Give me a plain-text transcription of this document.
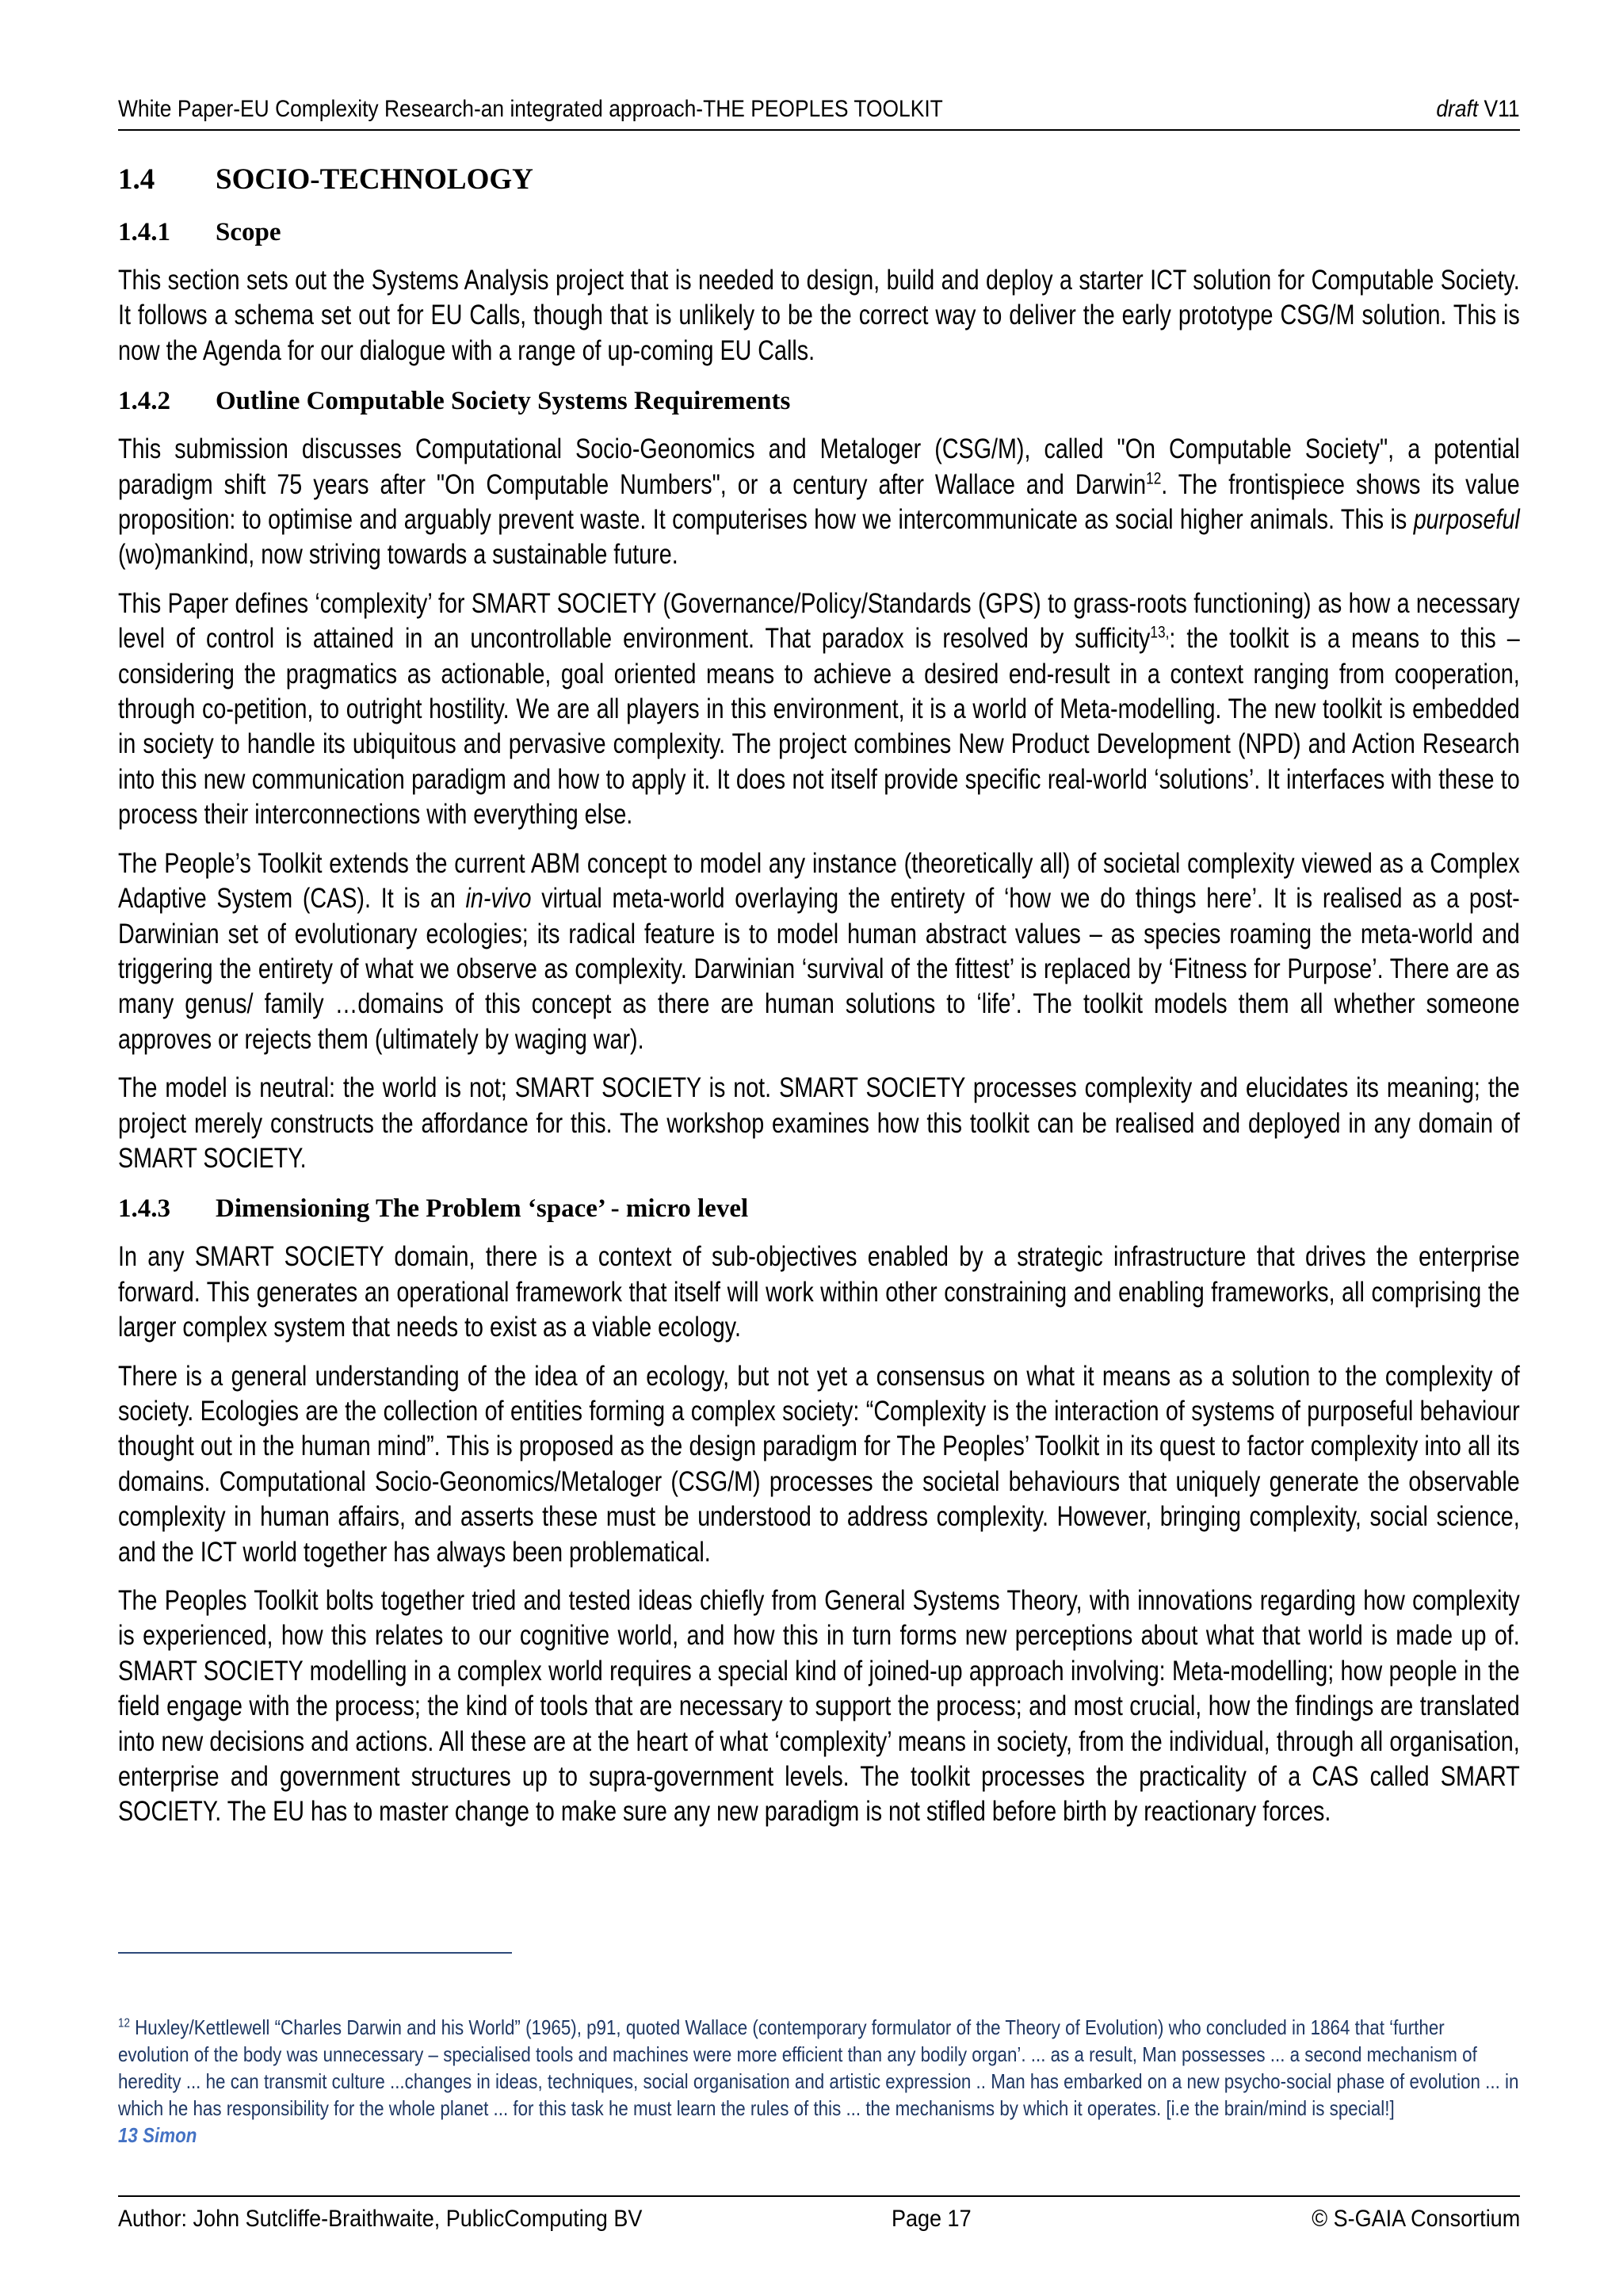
White Paper-EU Complexity Research-an integrated approach-THE PEOPLES TOOLKIT	draft V11
1.4 SOCIO-TECHNOLOGY
1.4.1 Scope
This section sets out the Systems Analysis project that is needed to design, build and deploy a starter ICT solution for Computable Society. It follows a schema set out for EU Calls, though that is unlikely to be the correct way to deliver the early prototype CSG/M solution. This is now the Agenda for our dialogue with a range of up-coming EU Calls.
1.4.2 Outline Computable Society Systems Requirements
This submission discusses Computational Socio-Geonomics and Metaloger (CSG/M), called "On Computable Society", a potential paradigm shift 75 years after "On Computable Numbers", or a century after Wallace and Darwin$^{12}$. The frontispiece shows its value proposition: to optimise and arguably prevent waste. It computerises how we intercommunicate as social higher animals. This is purposeful (wo)mankind, now striving towards a sustainable future.
This Paper defines ‘complexity’ for SMART SOCIETY (Governance/Policy/Standards (GPS) to grass-roots functioning) as how a necessary level of control is attained in an uncontrollable environment. That paradox is resolved by sufficity$^{13,}$: the toolkit is a means to this – considering the pragmatics as actionable, goal oriented means to achieve a desired end-result in a context ranging from cooperation, through co-petition, to outright hostility. We are all players in this environment, it is a world of Meta-modelling. The new toolkit is embedded in society to handle its ubiquitous and pervasive complexity. The project combines New Product Development (NPD) and Action Research into this new communication paradigm and how to apply it. It does not itself provide specific real-world ‘solutions’. It interfaces with these to process their interconnections with everything else.
The People’s Toolkit extends the current ABM concept to model any instance (theoretically all) of societal complexity viewed as a Complex Adaptive System (CAS). It is an in-vivo virtual meta-world overlaying the entirety of ‘how we do things here’. It is realised as a post-Darwinian set of evolutionary ecologies; its radical feature is to model human abstract values – as species roaming the meta-world and triggering the entirety of what we observe as complexity. Darwinian ‘survival of the fittest’ is replaced by ‘Fitness for Purpose’. There are as many genus/ family …domains of this concept as there are human solutions to ‘life’. The toolkit models them all whether someone approves or rejects them (ultimately by waging war).
The model is neutral: the world is not; SMART SOCIETY is not. SMART SOCIETY processes complexity and elucidates its meaning; the project merely constructs the affordance for this. The workshop examines how this toolkit can be realised and deployed in any domain of SMART SOCIETY.
1.4.3 Dimensioning The Problem ‘space’ - micro level
In any SMART SOCIETY domain, there is a context of sub-objectives enabled by a strategic infrastructure that drives the enterprise forward. This generates an operational framework that itself will work within other constraining and enabling frameworks, all comprising the larger complex system that needs to exist as a viable ecology.
There is a general understanding of the idea of an ecology, but not yet a consensus on what it means as a solution to the complexity of society. Ecologies are the collection of entities forming a complex society: “Complexity is the interaction of systems of purposeful behaviour thought out in the human mind”. This is proposed as the design paradigm for The Peoples’ Toolkit in its quest to factor complexity into all its domains. Computational Socio-Geonomics/Metaloger (CSG/M) processes the societal behaviours that uniquely generate the observable complexity in human affairs, and asserts these must be understood to address complexity. However, bringing complexity, social science, and the ICT world together has always been problematical.
The Peoples Toolkit bolts together tried and tested ideas chiefly from General Systems Theory, with innovations regarding how complexity is experienced, how this relates to our cognitive world, and how this in turn forms new perceptions about what that world is made up of. SMART SOCIETY modelling in a complex world requires a special kind of joined-up approach involving: Meta-modelling; how people in the field engage with the process; the kind of tools that are necessary to support the process; and most crucial, how the findings are translated into new decisions and actions. All these are at the heart of what ‘complexity’ means in society, from the individual, through all organisation, enterprise and government structures up to supra-government levels. The toolkit processes the practicality of a CAS called SMART SOCIETY. The EU has to master change to make sure any new paradigm is not stifled before birth by reactionary forces.
$^{12}$ Huxley/Kettlewell “Charles Darwin and his World” (1965), p91, quoted Wallace (contemporary formulator of the Theory of Evolution) who concluded in 1864 that ‘further evolution of the body was unnecessary – specialised tools and machines were more efficient than any bodily organ’. ... as a result, Man possesses ... a second mechanism of heredity ... he can transmit culture ...changes in ideas, techniques, social organisation and artistic expression .. Man has embarked on a new psycho-social phase of evolution ... in which he has responsibility for the whole planet ... for this task he must learn the rules of this ... the mechanisms by which it operates. [i.e the brain/mind is special!]
13 Simon
Author: John Sutcliffe-Braithwaite, PublicComputing BV	Page 17	© S-GAIA Consortium
